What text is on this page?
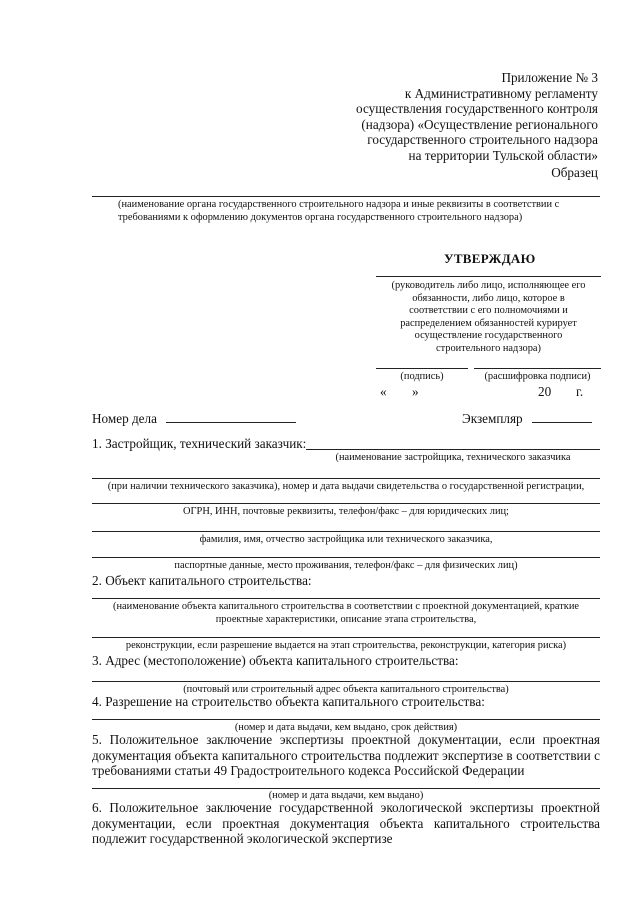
Приложение № 3
к Административному регламенту
осуществления государственного контроля
(надзора) «Осуществление регионального
государственного строительного надзора
на территории Тульской области»
Образец
(наименование органа государственного строительного надзора и иные реквизиты в соответствии с
требованиями к оформлению документов органа государственного строительного надзора)
УТВЕРЖДАЮ
(руководитель либо лицо, исполняющее его
обязанности, либо лицо, которое в
соответствии с его полномочиями и
распределением обязанностей курирует
осуществление государственного
строительного надзора)
(подпись)	(расшифровка подписи)
« »	20 г.
Номер дела	Экземпляр
1. Застройщик, технический заказчик:
(наименование застройщика, технического заказчика
(при наличии технического заказчика), номер и дата выдачи свидетельства о государственной регистрации,
ОГРН, ИНН, почтовые реквизиты, телефон/факс – для юридических лиц;
фамилия, имя, отчество застройщика или технического заказчика,
паспортные данные, место проживания, телефон/факс – для физических лиц)
2. Объект капитального строительства:
(наименование объекта капитального строительства в соответствии с проектной документацией, краткие
проектные характеристики, описание этапа строительства,
реконструкции, если разрешение выдается на этап строительства, реконструкции, категория риска)
3. Адрес (местоположение) объекта капитального строительства:
(почтовый или строительный адрес объекта капитального строительства)
4. Разрешение на строительство объекта капитального строительства:
(номер и дата выдачи, кем выдано, срок действия)
5. Положительное заключение экспертизы проектной документации, если проектная документация объекта капитального строительства подлежит экспертизе в соответствии с требованиями статьи 49 Градостроительного кодекса Российской Федерации
(номер и дата выдачи, кем выдано)
6. Положительное заключение государственной экологической экспертизы проектной документации, если проектная документация объекта капитального строительства подлежит государственной экологической экспертизе
